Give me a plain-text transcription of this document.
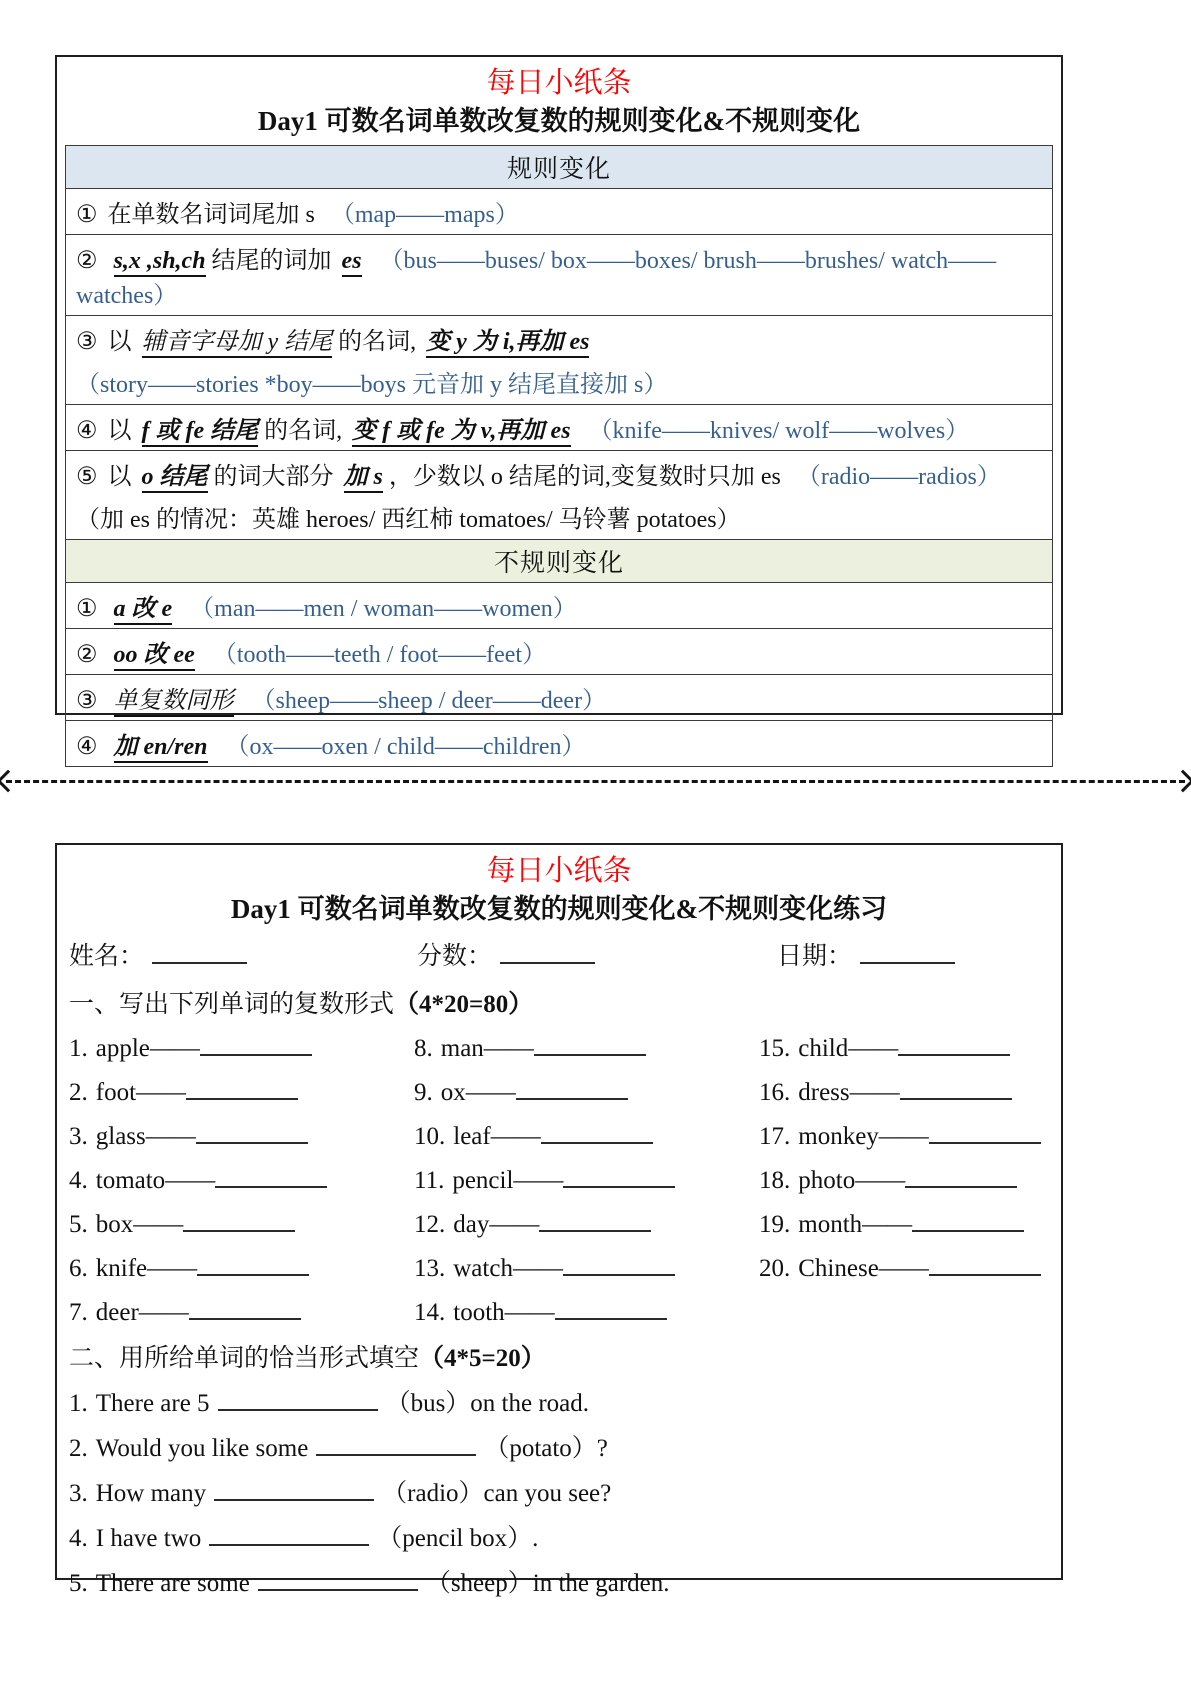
每日小纸条
Day1 可数名词单数改复数的规则变化&不规则变化
规则变化
① 在单数名词词尾加 s （map——maps）
② s,x ,sh,ch 结尾的词加 es （bus——buses/ box——boxes/ brush——brushes/ watch——watches）

③ 以 辅音字母加 y 结尾 的名词, 变 y 为 i,再加 es
（story——stories *boy——boys 元音加 y 结尾直接加 s）

④ 以 f 或 fe 结尾 的名词, 变 f 或 fe 为 v,再加 es （knife——knives/ wolf——wolves）

⑤ 以 o 结尾 的词大部分 加 s ，少数以 o 结尾的词,变复数时只加 es （radio——radios）
（加 es 的情况：英雄 heroes/ 西红柿 tomatoes/ 马铃薯 potatoes）

不规则变化
① a 改 e （man——men / woman——women）
② oo 改 ee （tooth——teeth / foot——feet）
③ 单复数同形 （sheep——sheep / deer——deer）
④ 加 en/ren （ox——oxen / child——children）
每日小纸条
Day1 可数名词单数改复数的规则变化&不规则变化练习
姓名：	分数：	日期：
一、写出下列单词的复数形式（4*20=80）
1. apple——
2. foot——
3. glass——
4. tomato——
5. box——
6. knife——
7. deer——
8. man——
9. ox——
10. leaf——
11. pencil——
12. day——
13. watch——
14. tooth——
15. child——
16. dress——
17. monkey——
18. photo——
19. month——
20. Chinese——
二、用所给单词的恰当形式填空（4*5=20）
1. There are 5	（bus）on the road.
2. Would you like some	（potato）?
3. How many	（radio）can you see?
4. I have two	（pencil box）.
5. There are some	（sheep）in the garden.
